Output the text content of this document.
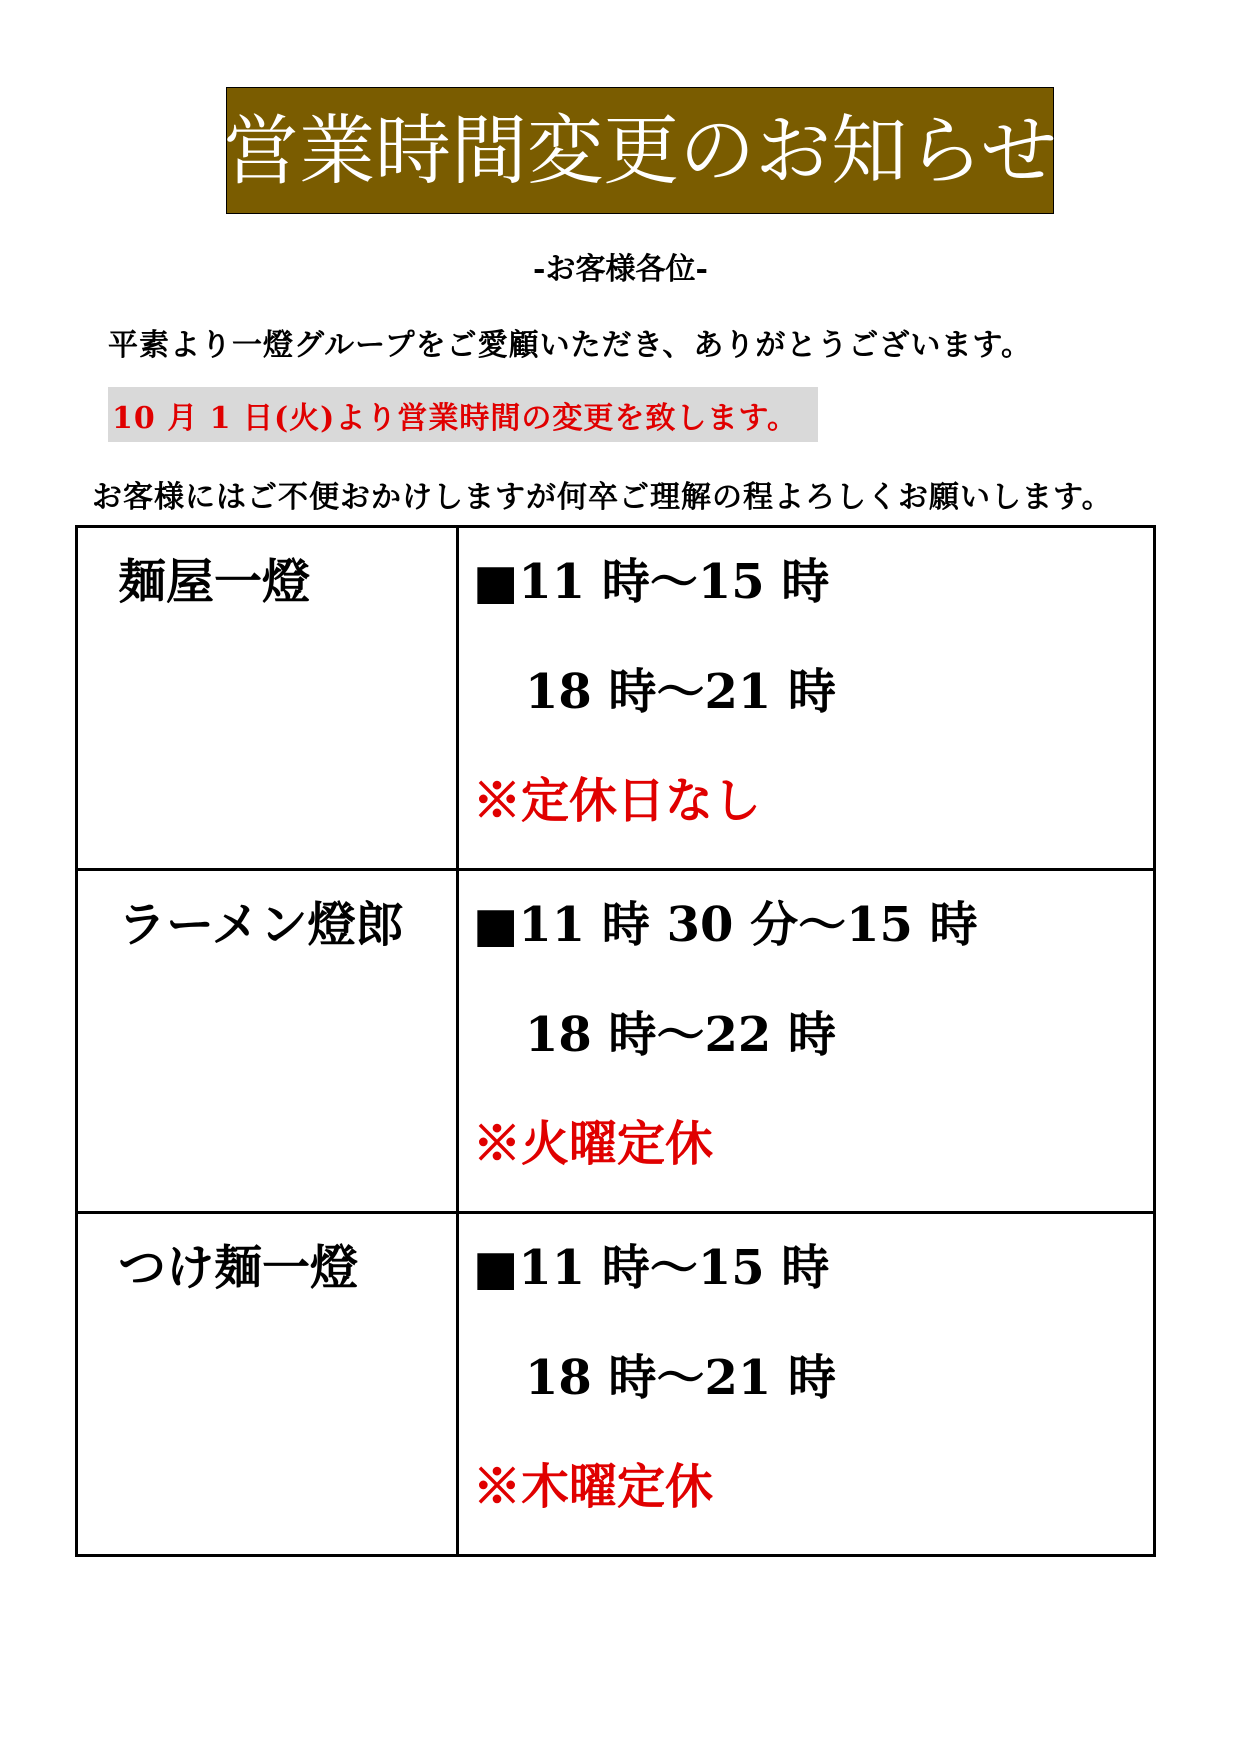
営業時間変更のお知らせ
-お客様各位-
平素より一燈グループをご愛顧いただき、ありがとうございます。
10 月 1 日(火)より営業時間の変更を致します。
お客様にはご不便おかけしますが何卒ご理解の程よろしくお願いします。
麺屋一燈	■11 時～15 時
18 時～21 時
※定休日なし

ラーメン燈郎	■11 時 30 分～15 時
18 時～22 時
※火曜定休

つけ麺一燈	■11 時～15 時
18 時～21 時
※木曜定休
